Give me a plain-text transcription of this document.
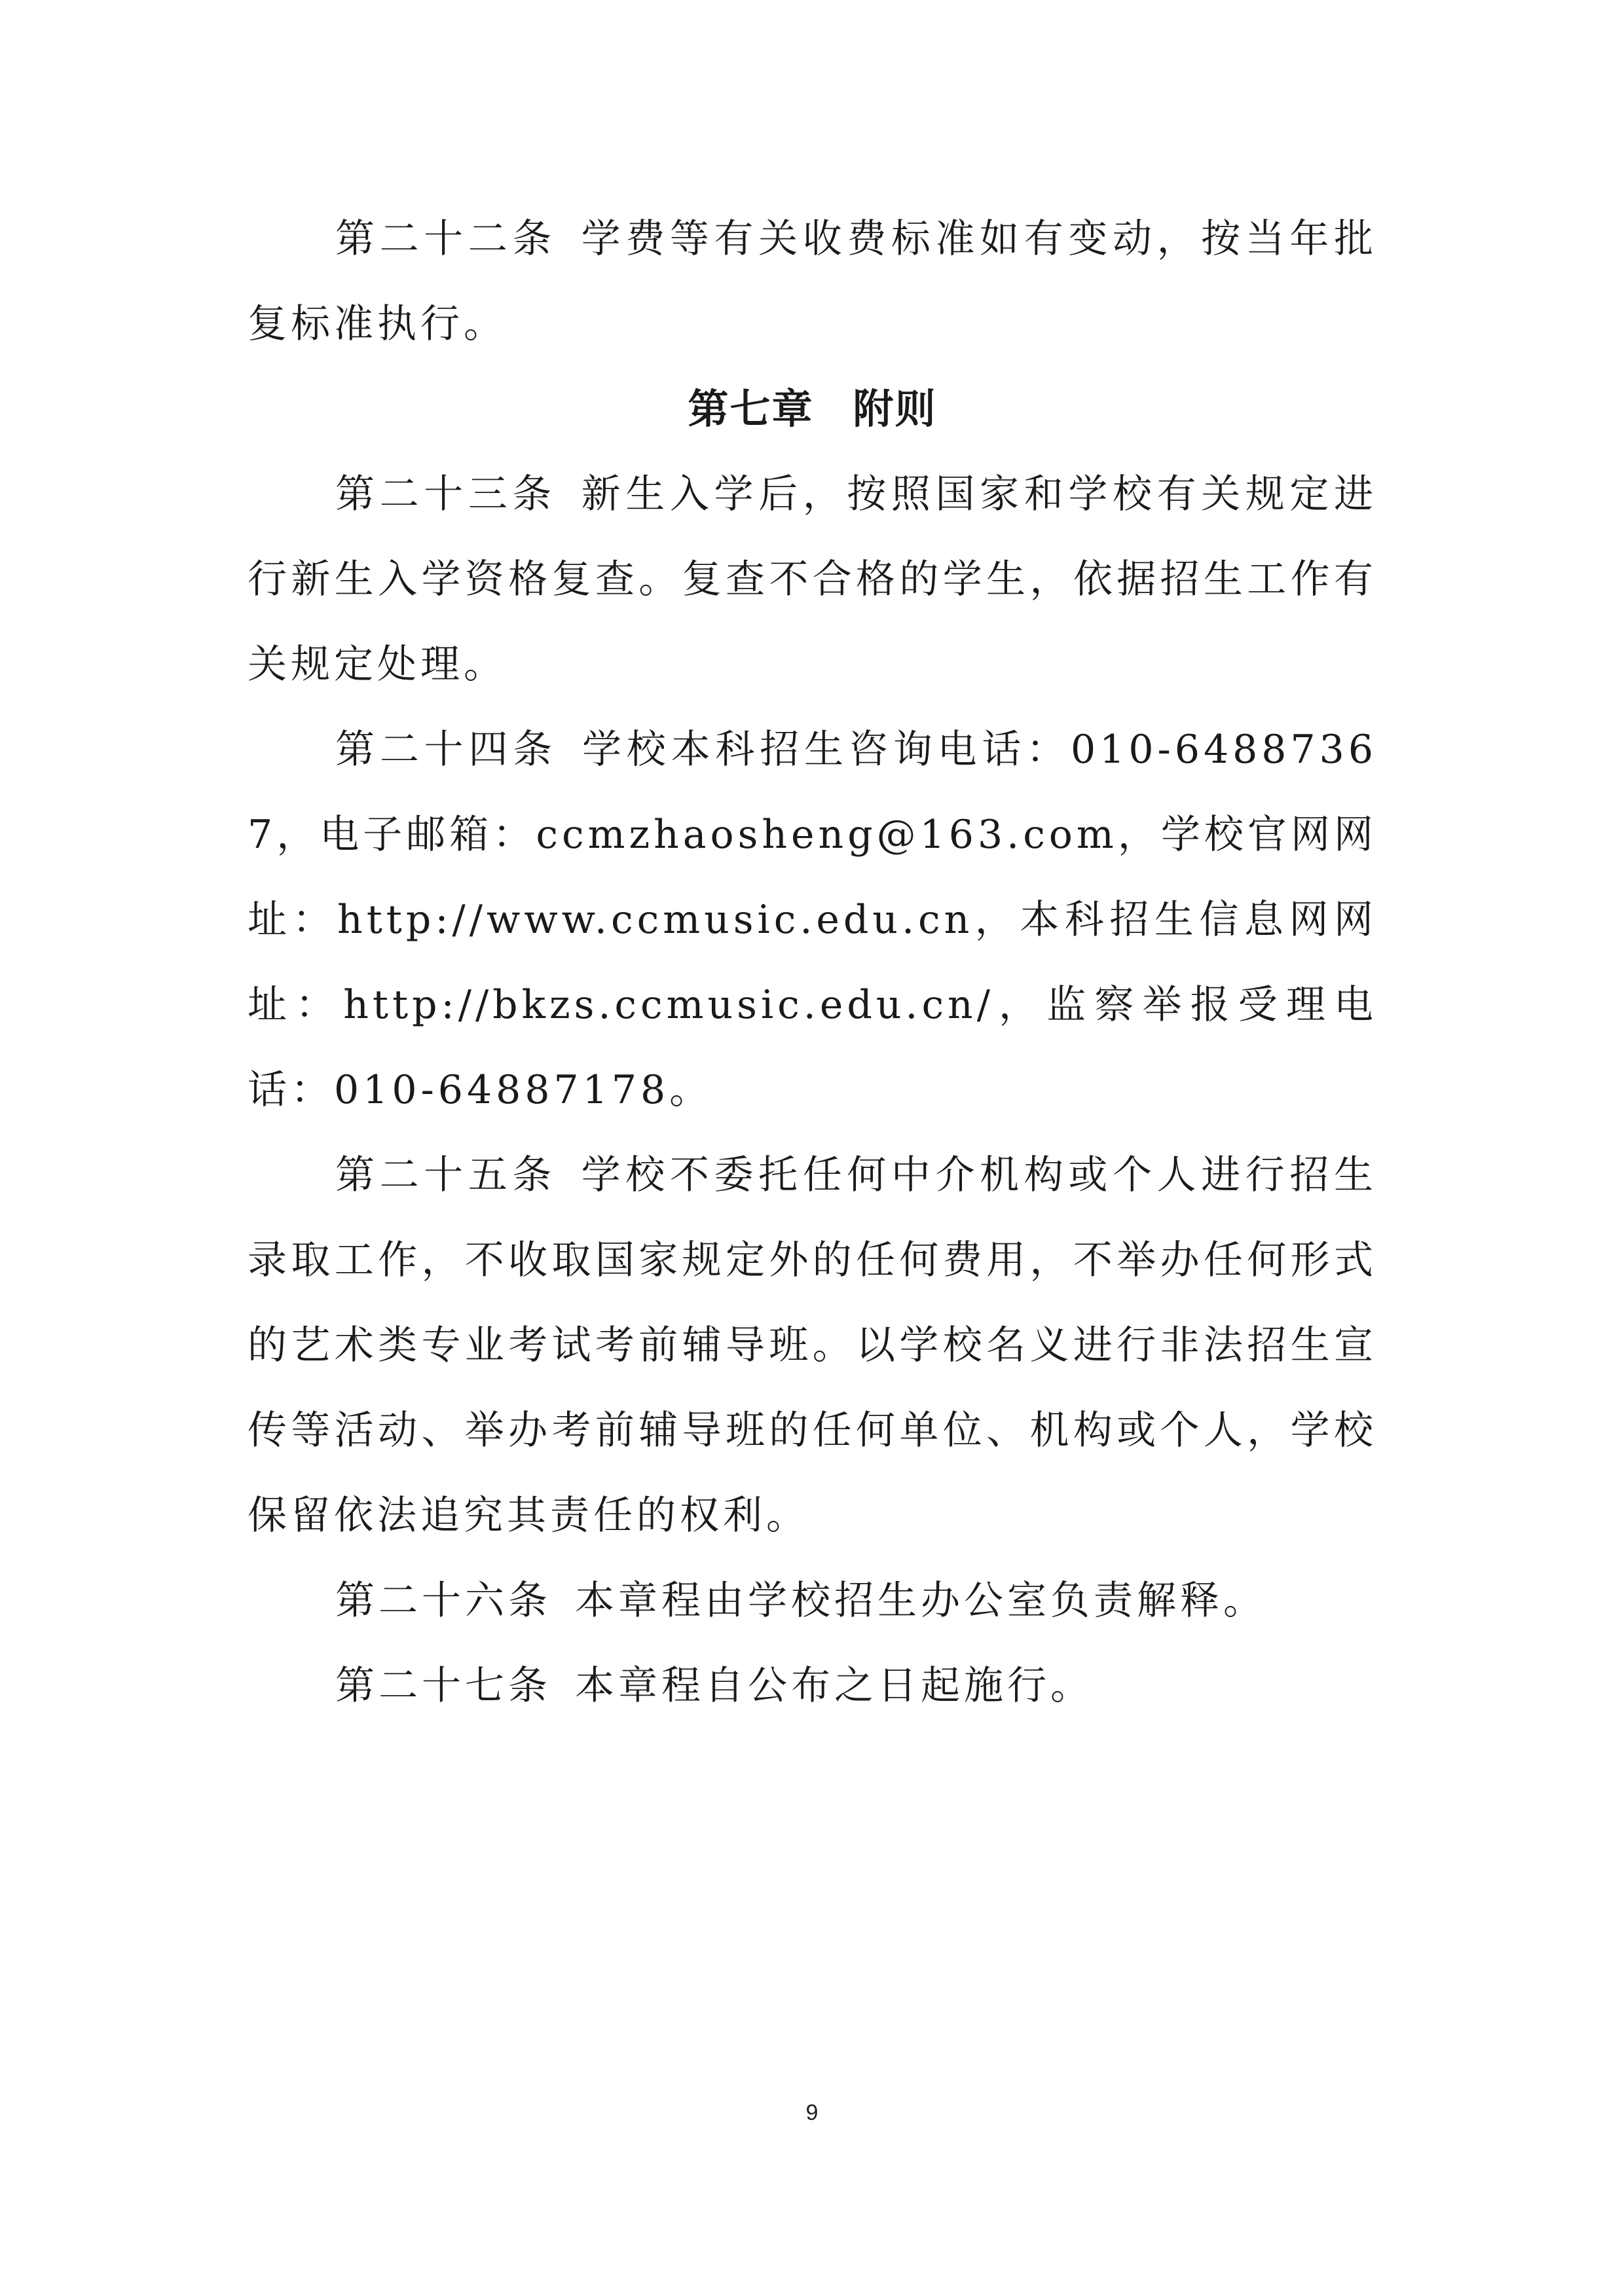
第二十二条 学费等有关收费标准如有变动，按当年批复标准执行。

第七章 附则

第二十三条 新生入学后，按照国家和学校有关规定进行新生入学资格复查。复查不合格的学生，依据招生工作有关规定处理。

第二十四条 学校本科招生咨询电话：010-64887367，电子邮箱：ccmzhaosheng@163.com，学校官网网址：http://www.ccmusic.edu.cn，本科招生信息网网址：http://bkzs.ccmusic.edu.cn/，监察举报受理电话：010-64887178。

第二十五条 学校不委托任何中介机构或个人进行招生录取工作，不收取国家规定外的任何费用，不举办任何形式的艺术类专业考试考前辅导班。以学校名义进行非法招生宣传等活动、举办考前辅导班的任何单位、机构或个人，学校保留依法追究其责任的权利。

第二十六条 本章程由学校招生办公室负责解释。

第二十七条 本章程自公布之日起施行。

9
